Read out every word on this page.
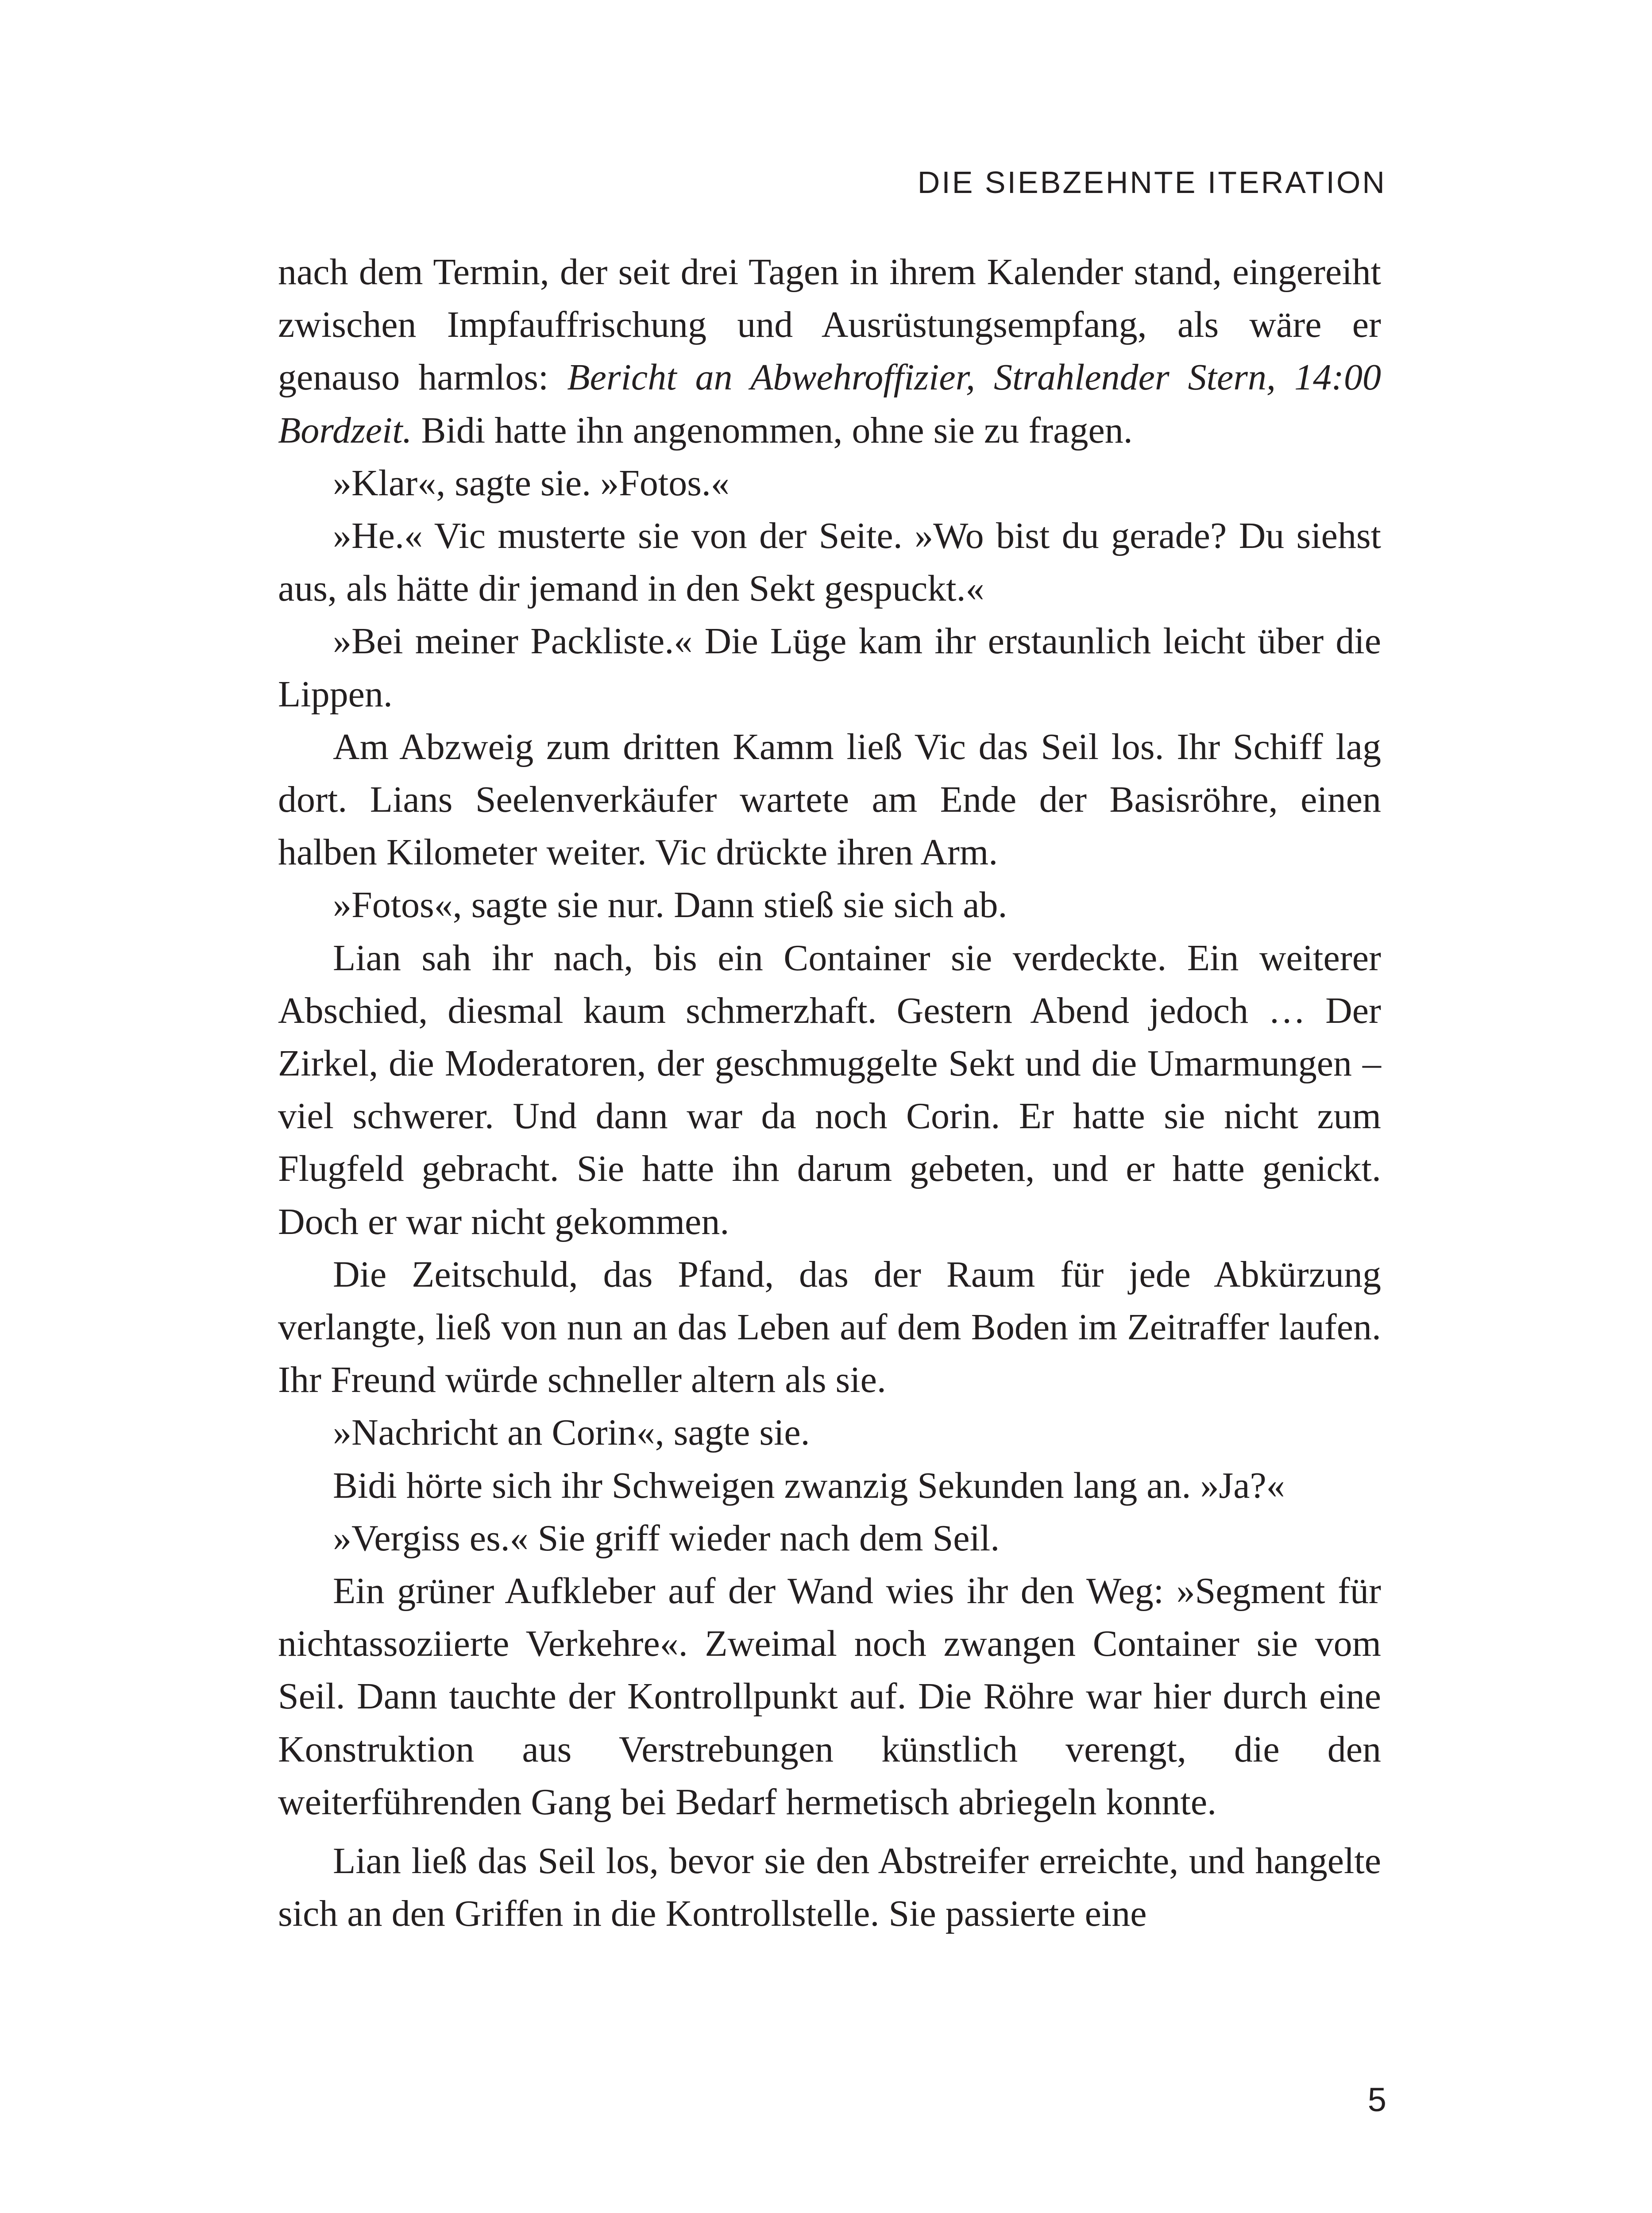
DIE SIEBZEHNTE ITERATION

nach dem Termin, der seit drei Tagen in ihrem Kalender stand, eingereiht zwischen Impfauffrischung und Ausrüstungsempfang, als wäre er genauso harmlos: Bericht an Abwehroffizier, Strahlender Stern, 14:00 Bordzeit. Bidi hatte ihn angenommen, ohne sie zu fragen.

»Klar«, sagte sie. »Fotos.«

»He.« Vic musterte sie von der Seite. »Wo bist du gerade? Du siehst aus, als hätte dir jemand in den Sekt gespuckt.«

»Bei meiner Packliste.« Die Lüge kam ihr erstaunlich leicht über die Lippen.

Am Abzweig zum dritten Kamm ließ Vic das Seil los. Ihr Schiff lag dort. Lians Seelenverkäufer wartete am Ende der Basisröhre, einen halben Kilometer weiter. Vic drückte ihren Arm.

»Fotos«, sagte sie nur. Dann stieß sie sich ab.

Lian sah ihr nach, bis ein Container sie verdeckte. Ein weiterer Abschied, diesmal kaum schmerzhaft. Gestern Abend jedoch … Der Zirkel, die Moderatoren, der geschmuggelte Sekt und die Umarmungen – viel schwerer. Und dann war da noch Corin. Er hatte sie nicht zum Flugfeld gebracht. Sie hatte ihn darum gebeten, und er hatte genickt. Doch er war nicht gekommen.

Die Zeitschuld, das Pfand, das der Raum für jede Abkürzung verlangte, ließ von nun an das Leben auf dem Boden im Zeitraffer laufen. Ihr Freund würde schneller altern als sie.

»Nachricht an Corin«, sagte sie.

Bidi hörte sich ihr Schweigen zwanzig Sekunden lang an. »Ja?«

»Vergiss es.« Sie griff wieder nach dem Seil.

Ein grüner Aufkleber auf der Wand wies ihr den Weg: »Segment für nichtassoziierte Verkehre«. Zweimal noch zwangen Container sie vom Seil. Dann tauchte der Kontrollpunkt auf. Die Röhre war hier durch eine Konstruktion aus Verstrebungen künstlich verengt, die den weiterführenden Gang bei Bedarf hermetisch abriegeln konnte.

Lian ließ das Seil los, bevor sie den Abstreifer erreichte, und hangelte sich an den Griffen in die Kontrollstelle. Sie passierte eine

5
